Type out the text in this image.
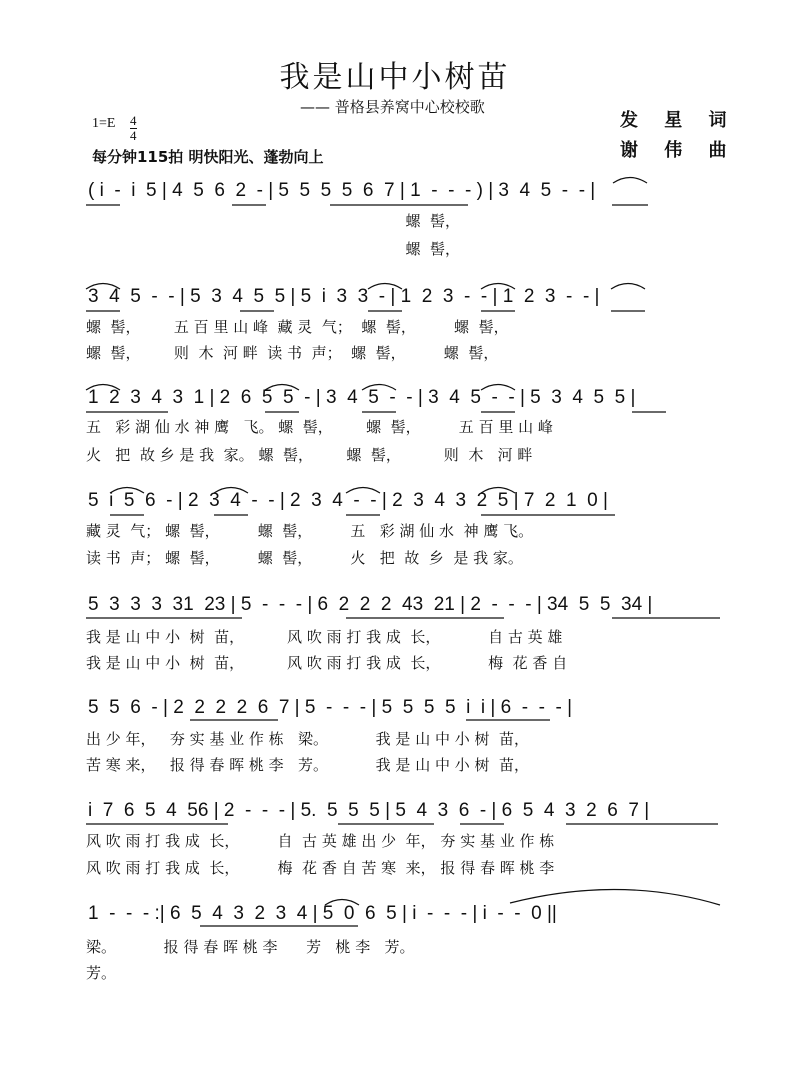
我是山中小树苗
—— 普格县养窝中心校校歌
1=E 4
4
每分钟115拍 明快阳光、蓬勃向上
发 星 词
谢 伟 曲
( i  -  i  5 | 4  5  6  2  - | 5  5  5  5  6  7 | 1  -  -  - ) | 3  4  5  -  - |
螺  髻，
螺  髻，
3  4  5  -  - | 5  3  4  5  5 | 5  i  3  3  - | 1  2  3  -  - | 1  2  3  -  - |
螺  髻，       五 百 里 山 峰  藏 灵  气；  螺  髻，        螺  髻，
螺  髻，       则  木  河 畔  读 书  声；  螺  髻，        螺  髻，
1  2  3  4  3  1 | 2  6  5  5  - | 3  4  5  -  - | 3  4  5  -  - | 5  3  4  5  5 |
五   彩 湖 仙 水 神 鹰   飞。 螺  髻，       螺  髻，        五 百 里 山 峰
火   把  故 乡 是 我  家。 螺  髻，       螺  髻，         则  木   河 畔
5  i  5  6  - | 2  3  4  -  - | 2  3  4  -  - | 2  3  4  3  2  5 | 7  2  1  0 |
藏 灵  气； 螺  髻，        螺  髻，        五   彩 湖 仙 水  神 鹰 飞。
读 书  声； 螺  髻，        螺  髻，        火   把  故  乡  是 我 家。
5  3  3  3  31  23 | 5  -  -  - | 6  2  2  2  43  21 | 2  -  -  - | 34  5  5  34 |
我 是 山 中 小  树  苗，         风 吹 雨 打 我 成  长，          自 古 英 雄
我 是 山 中 小  树  苗，         风 吹 雨 打 我 成  长，          梅  花 香 自
5  5  6  - | 2  2  2  2  6  7 | 5  -  -  - | 5  5  5  5  i  i | 6  -  -  - |
出 少 年，   夯 实 基 业 作 栋   梁。          我 是 山 中 小 树  苗，
苦 寒 来，   报 得 春 晖 桃 李   芳。          我 是 山 中 小 树  苗，
i  7  6  5  4  56 | 2  -  -  - | 5.  5  5  5 | 5  4  3  6  - | 6  5  4  3  2  6  7 |
风 吹 雨 打 我 成  长，        自  古 英 雄 出 少  年， 夯 实 基 业 作 栋
风 吹 雨 打 我 成  长，        梅  花 香 自 苦 寒  来， 报 得 春 晖 桃 李
1  -  -  - :| 6  5  4  3  2  3  4 | 5  0  6  5 | i  -  -  - | i  -  -  0 ||
梁。          报 得 春 晖 桃 李      芳   桃 李   芳。
芳。
